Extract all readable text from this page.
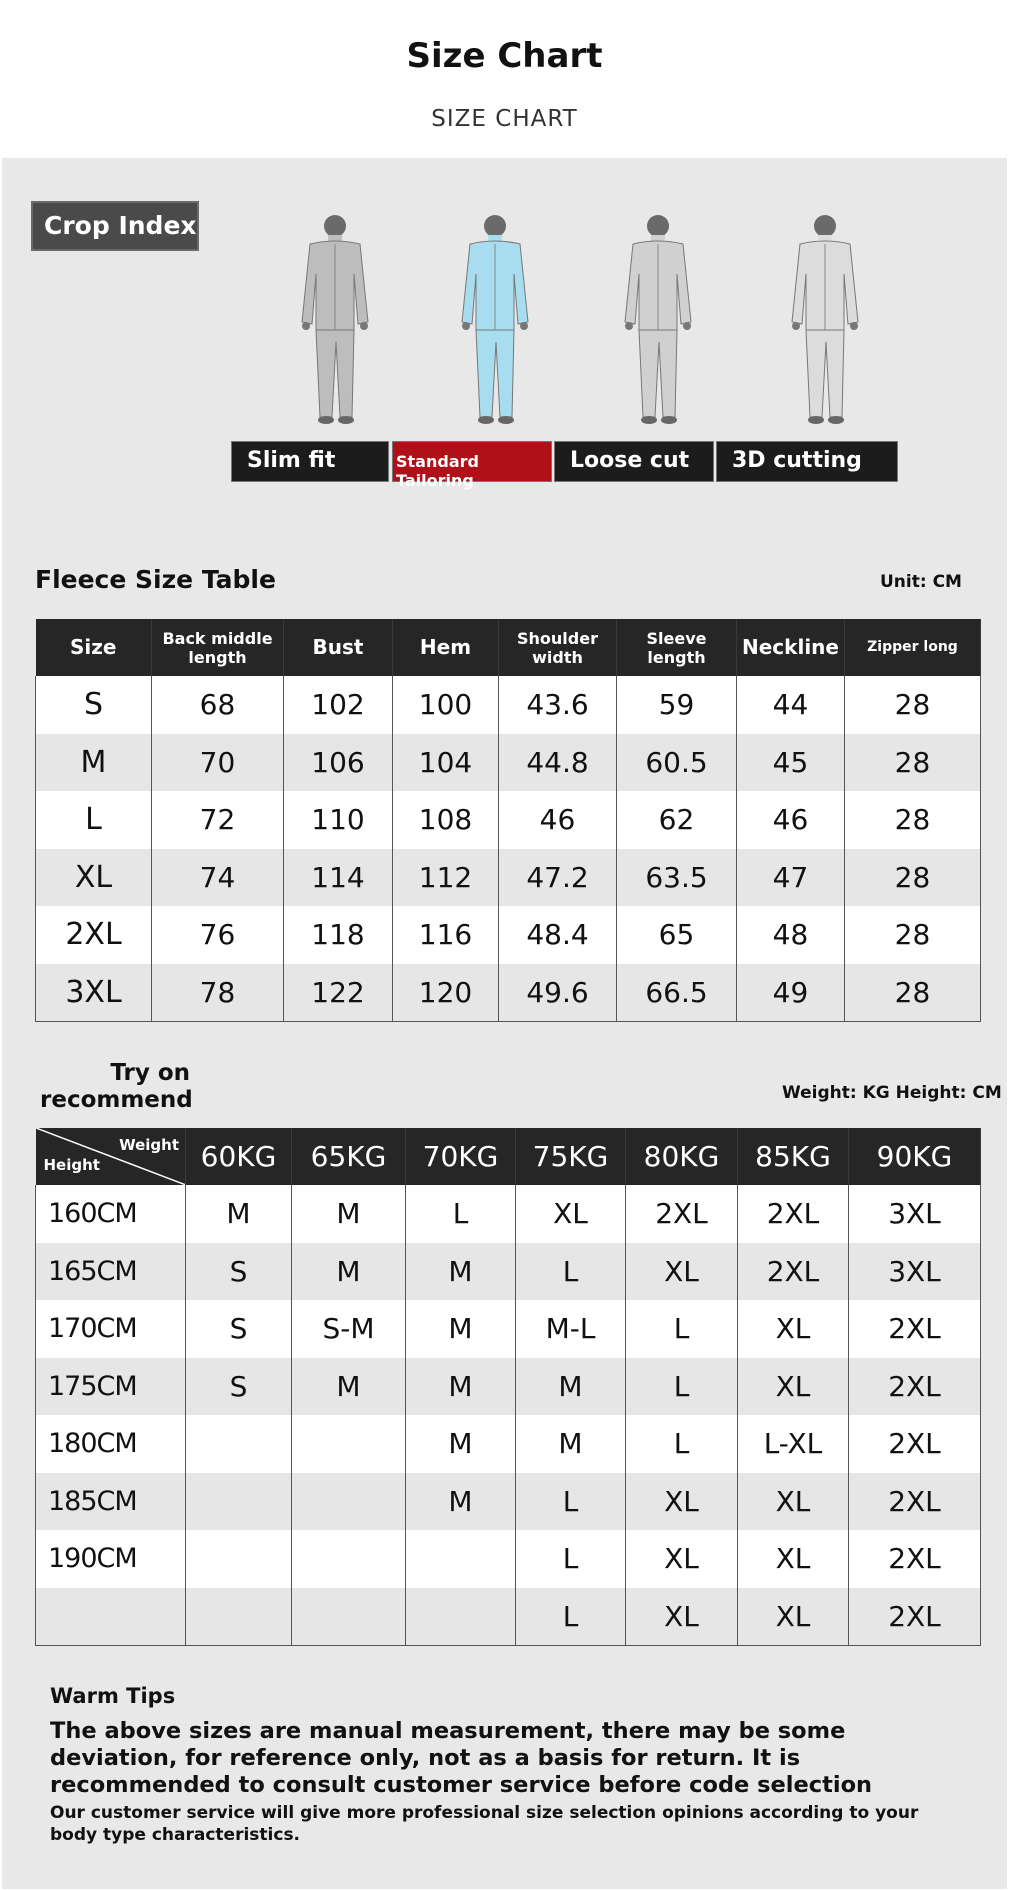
Size Chart
SIZE CHART
Crop Index
Slim fit	Standard Tailoring
Loose cut	3D cutting
Fleece Size Table	Unit: CM
Size	Back middle length	Bust	Hem	Shoulder width	Sleeve length	Neckline	Zipper long
S	68	102	100	43.6	59	44	28
M	70	106	104	44.8	60.5	45	28
L	72	110	108	46	62	46	28
XL	74	114	112	47.2	63.5	47	28
2XL	76	118	116	48.4	65	48	28
3XL	78	122	120	49.6	66.5	49	28
Try on
recommend	Weight: KG Height: CM
Weight
Height	60KG	65KG	70KG	75KG	80KG	85KG	90KG
160CM	M	M	L	XL	2XL	2XL	3XL
165CM	S	M	M	L	XL	2XL	3XL
170CM	S	S-M	M	M-L	L	XL	2XL
175CM	S	M	M	M	L	XL	2XL
180CM			M	M	L	L-XL	2XL
185CM			M	L	XL	XL	2XL
190CM				L	XL	XL	2XL
				L	XL	XL	2XL
Warm Tips
The above sizes are manual measurement, there may be some deviation, for reference only, not as a basis for return. It is recommended to consult customer service before code selection
Our customer service will give more professional size selection opinions according to your body type characteristics.
